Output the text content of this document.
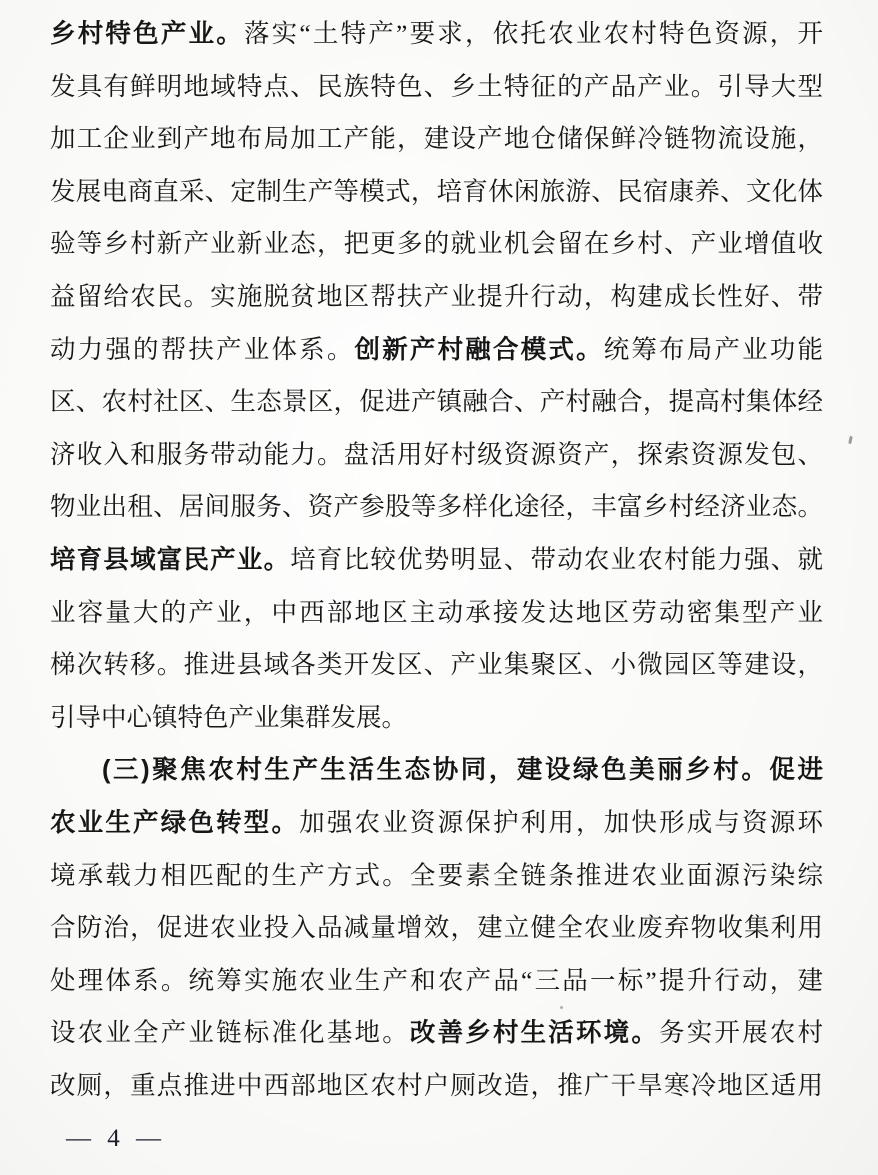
乡村特色产业。落实“土特产”要求，依托农业农村特色资源，开
发具有鲜明地域特点、民族特色、乡土特征的产品产业。引导大型
加工企业到产地布局加工产能，建设产地仓储保鲜冷链物流设施，
发展电商直采、定制生产等模式，培育休闲旅游、民宿康养、文化体
验等乡村新产业新业态，把更多的就业机会留在乡村、产业增值收
益留给农民。实施脱贫地区帮扶产业提升行动，构建成长性好、带
动力强的帮扶产业体系。创新产村融合模式。统筹布局产业功能
区、农村社区、生态景区，促进产镇融合、产村融合，提高村集体经
济收入和服务带动能力。盘活用好村级资源资产，探索资源发包、
物业出租、居间服务、资产参股等多样化途径，丰富乡村经济业态。
培育县域富民产业。培育比较优势明显、带动农业农村能力强、就
业容量大的产业，中西部地区主动承接发达地区劳动密集型产业
梯次转移。推进县域各类开发区、产业集聚区、小微园区等建设，
引导中心镇特色产业集群发展。
(三)聚焦农村生产生活生态协同，建设绿色美丽乡村。促进
农业生产绿色转型。加强农业资源保护利用，加快形成与资源环
境承载力相匹配的生产方式。全要素全链条推进农业面源污染综
合防治，促进农业投入品减量增效，建立健全农业废弃物收集利用
处理体系。统筹实施农业生产和农产品“三品一标”提升行动，建
设农业全产业链标准化基地。改善乡村生活环境。务实开展农村
改厕，重点推进中西部地区农村户厕改造，推广干旱寒冷地区适用
— 4 —
